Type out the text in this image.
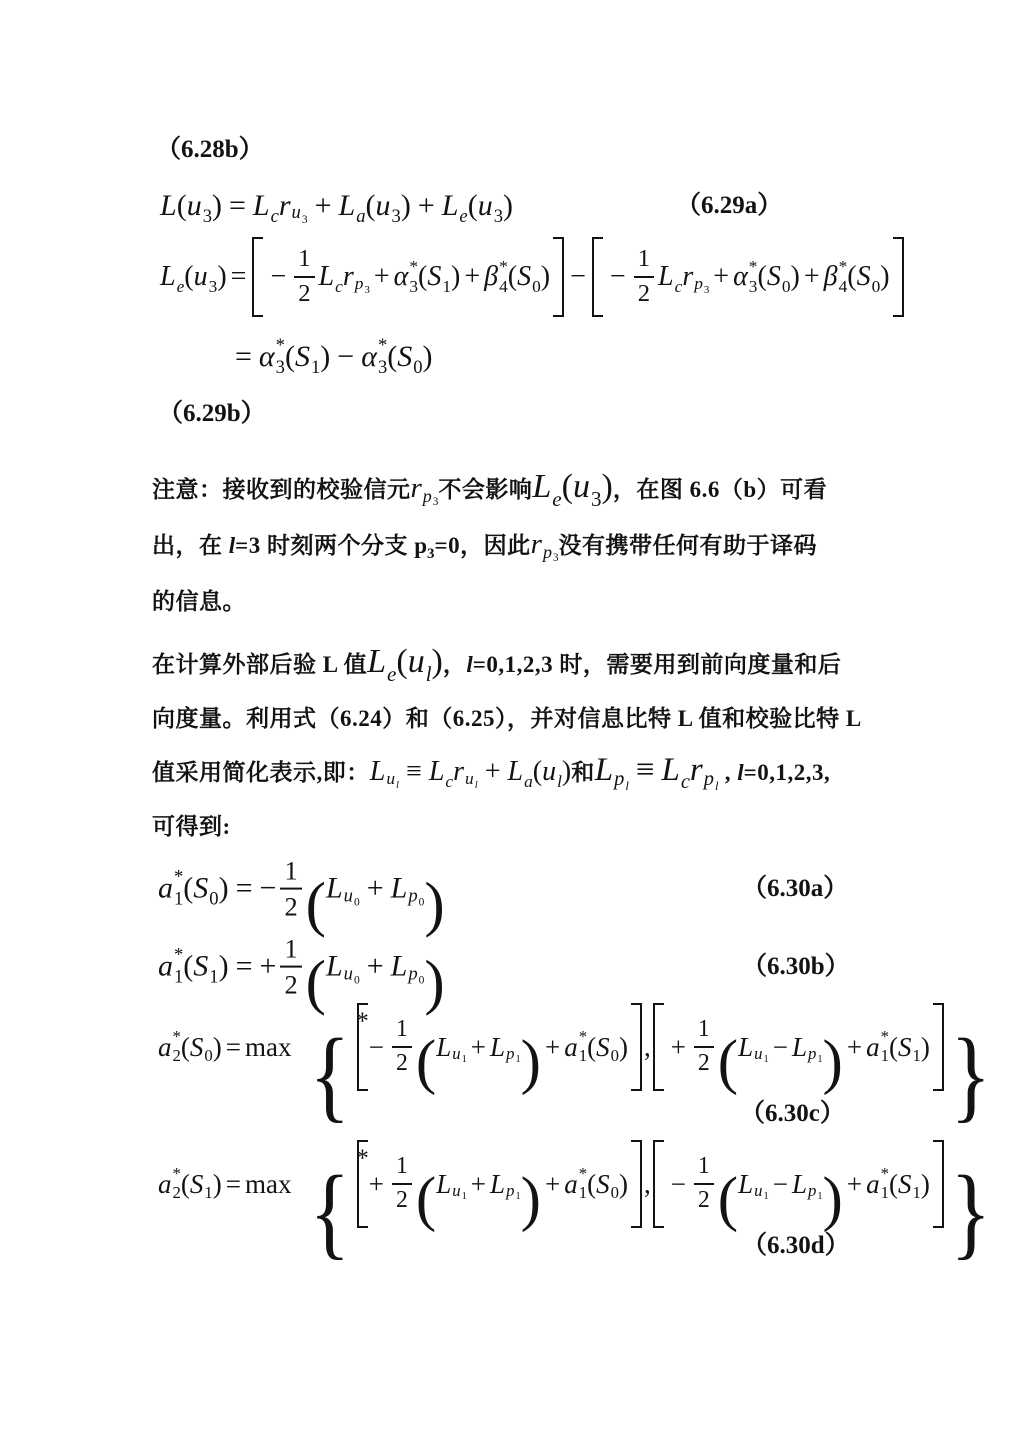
（6.28b）
L ( u 3 ) = L c r u 3 + L a ( u 3 ) + L e ( u 3 )	（6.29a）
L e ( u 3 ) = − $\frac{1}{2}$ L c r p 3 + α *
3 ( S 1 ) + β *
4 ( S 0 ) − − $\frac{1}{2}$ L c r p 3 + α *
3 ( S 0 ) + β *
4 ( S 0 )
= α *
3 ( S 1 ) − α *
3 ( S 0 )
（6.29b）
注意：接收到的校验信元 r p 3 不会影响 L e ( u 3 ) ，在图 6.6（b）可看
出，在 l=3 时刻两个分支 p3=0，因此 r p 3 没有携带任何有助于译码
的信息。
在计算外部后验 L 值 L e ( u l ) ，l=0,1,2,3 时，需要用到前向度量和后
向度量。利用式（6.24）和（6.25），并对信息比特 L 值和校验比特 L
值采用简化表示,即： L u l ≡ L c r u l + L a ( u l ) 和 L p l ≡ L c r p l
, l=0,1,2,3,
可得到:
a *
1 ( S 0 ) = − $\frac{1}{2}$ ( L u 0 + L p 0 )	（6.30a）
a *
1 ( S 1 ) = + $\frac{1}{2}$ ( L u 0 + L p 0 )	（6.30b）
a *
2 ( S 0 ) = max { *
− $\frac{1}{2}$ ( L u 1 + L p 1 ) + a *
1 ( S 0 ) , + $\frac{1}{2}$ ( L u 1 − L p 1 ) + a *
1 ( S 1 ) }
（6.30c）
a *
2 ( S 1 ) = max { *
+ $\frac{1}{2}$ ( L u 1 + L p 1 ) + a *
1 ( S 0 ) , − $\frac{1}{2}$ ( L u 1 − L p 1 ) + a *
1 ( S 1 ) }
（6.30d）
